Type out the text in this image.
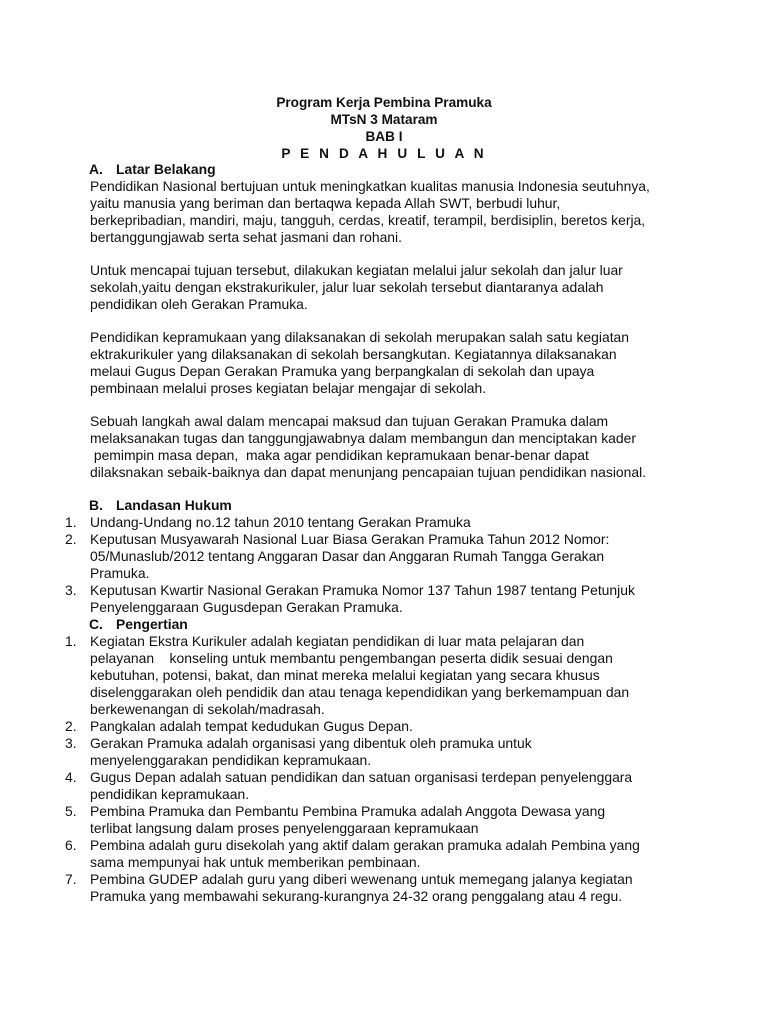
Program Kerja Pembina Pramuka
MTsN 3 Mataram
BAB I
P E N D A H U L U A N
A. Latar Belakang

Pendidikan Nasional bertujuan untuk meningkatkan kualitas manusia Indonesia seutuhnya,
yaitu manusia yang beriman dan bertaqwa kepada Allah SWT, berbudi luhur,
berkepribadian, mandiri, maju, tangguh, cerdas, kreatif, terampil, berdisiplin, beretos kerja,
bertanggungjawab serta sehat jasmani dan rohani.

Untuk mencapai tujuan tersebut, dilakukan kegiatan melalui jalur sekolah dan jalur luar
sekolah,yaitu dengan ekstrakurikuler, jalur luar sekolah tersebut diantaranya adalah
pendidikan oleh Gerakan Pramuka.

Pendidikan kepramukaan yang dilaksanakan di sekolah merupakan salah satu kegiatan
ektrakurikuler yang dilaksanakan di sekolah bersangkutan. Kegiatannya dilaksanakan
melaui Gugus Depan Gerakan Pramuka yang berpangkalan di sekolah dan upaya
pembinaan melalui proses kegiatan belajar mengajar di sekolah.

Sebuah langkah awal dalam mencapai maksud dan tujuan Gerakan Pramuka dalam
melaksanakan tugas dan tanggungjawabnya dalam membangun dan menciptakan kader
pemimpin masa depan,  maka agar pendidikan kepramukaan benar-benar dapat
dilaksnakan sebaik-baiknya dan dapat menunjang pencapaian tujuan pendidikan nasional.

B. Landasan Hukum
1. Undang-Undang no.12 tahun 2010 tentang Gerakan Pramuka
2. Keputusan Musyawarah Nasional Luar Biasa Gerakan Pramuka Tahun 2012 Nomor:
05/Munaslub/2012 tentang Anggaran Dasar dan Anggaran Rumah Tangga Gerakan
Pramuka.
3. Keputusan Kwartir Nasional Gerakan Pramuka Nomor 137 Tahun 1987 tentang Petunjuk
Penyelenggaraan Gugusdepan Gerakan Pramuka.
C. Pengertian
1. Kegiatan Ekstra Kurikuler adalah kegiatan pendidikan di luar mata pelajaran dan
pelayanan    konseling untuk membantu pengembangan peserta didik sesuai dengan
kebutuhan, potensi, bakat, dan minat mereka melalui kegiatan yang secara khusus
diselenggarakan oleh pendidik dan atau tenaga kependidikan yang berkemampuan dan
berkewenangan di sekolah/madrasah.
2. Pangkalan adalah tempat kedudukan Gugus Depan.
3. Gerakan Pramuka adalah organisasi yang dibentuk oleh pramuka untuk
menyelenggarakan pendidikan kepramukaan.
4. Gugus Depan adalah satuan pendidikan dan satuan organisasi terdepan penyelenggara
pendidikan kepramukaan.
5. Pembina Pramuka dan Pembantu Pembina Pramuka adalah Anggota Dewasa yang
terlibat langsung dalam proses penyelenggaraan kepramukaan
6. Pembina adalah guru disekolah yang aktif dalam gerakan pramuka adalah Pembina yang
sama mempunyai hak untuk memberikan pembinaan.
7. Pembina GUDEP adalah guru yang diberi wewenang untuk memegang jalanya kegiatan
Pramuka yang membawahi sekurang-kurangnya 24-32 orang penggalang atau 4 regu.
